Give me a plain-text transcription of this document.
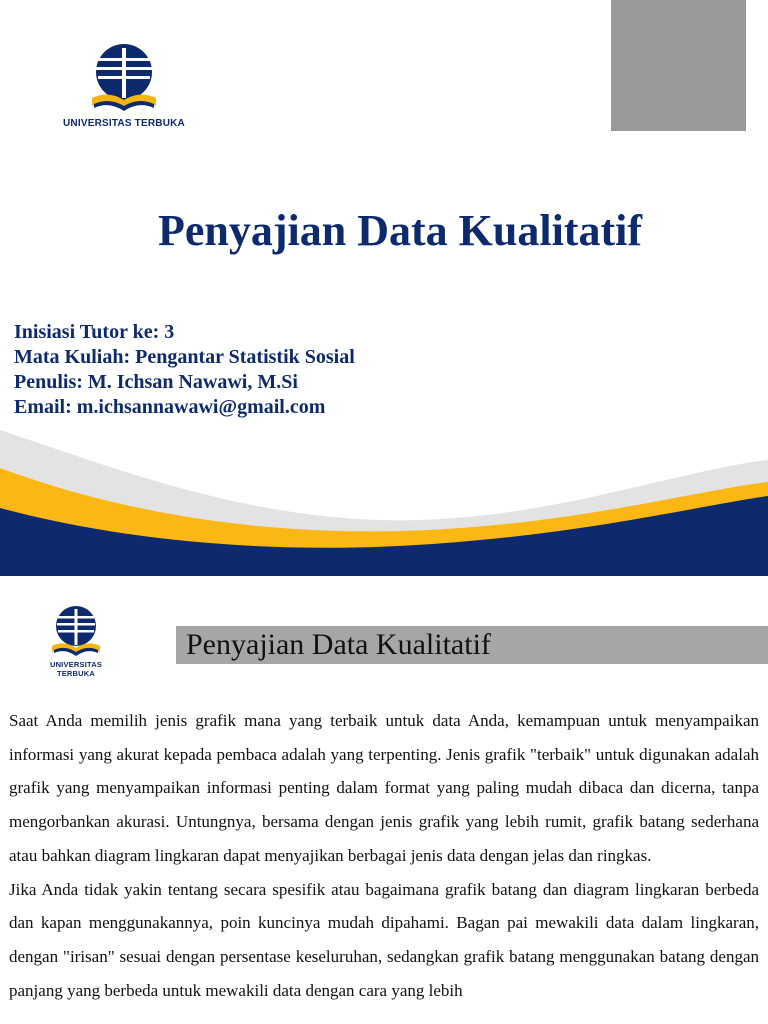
UNIVERSITAS TERBUKA
Penyajian Data Kualitatif
Inisiasi Tutor ke: 3
Mata Kuliah: Pengantar Statistik Sosial
Penulis: M. Ichsan Nawawi, M.Si
Email: m.ichsannawawi@gmail.com
UNIVERSITAS TERBUKA
Penyajian Data Kualitatif

Saat Anda memilih jenis grafik mana yang terbaik untuk data Anda, kemampuan untuk menyampaikan informasi yang akurat kepada pembaca adalah yang terpenting. Jenis grafik "terbaik" untuk digunakan adalah grafik yang menyampaikan informasi penting dalam format yang paling mudah dibaca dan dicerna, tanpa mengorbankan akurasi. Untungnya, bersama dengan jenis grafik yang lebih rumit, grafik batang sederhana atau bahkan diagram lingkaran dapat menyajikan berbagai jenis data dengan jelas dan ringkas.

Jika Anda tidak yakin tentang secara spesifik atau bagaimana grafik batang dan diagram lingkaran berbeda dan kapan menggunakannya, poin kuncinya mudah dipahami. Bagan pai mewakili data dalam lingkaran, dengan "irisan" sesuai dengan persentase keseluruhan, sedangkan grafik batang menggunakan batang dengan panjang yang berbeda untuk mewakili data dengan cara yang lebih
